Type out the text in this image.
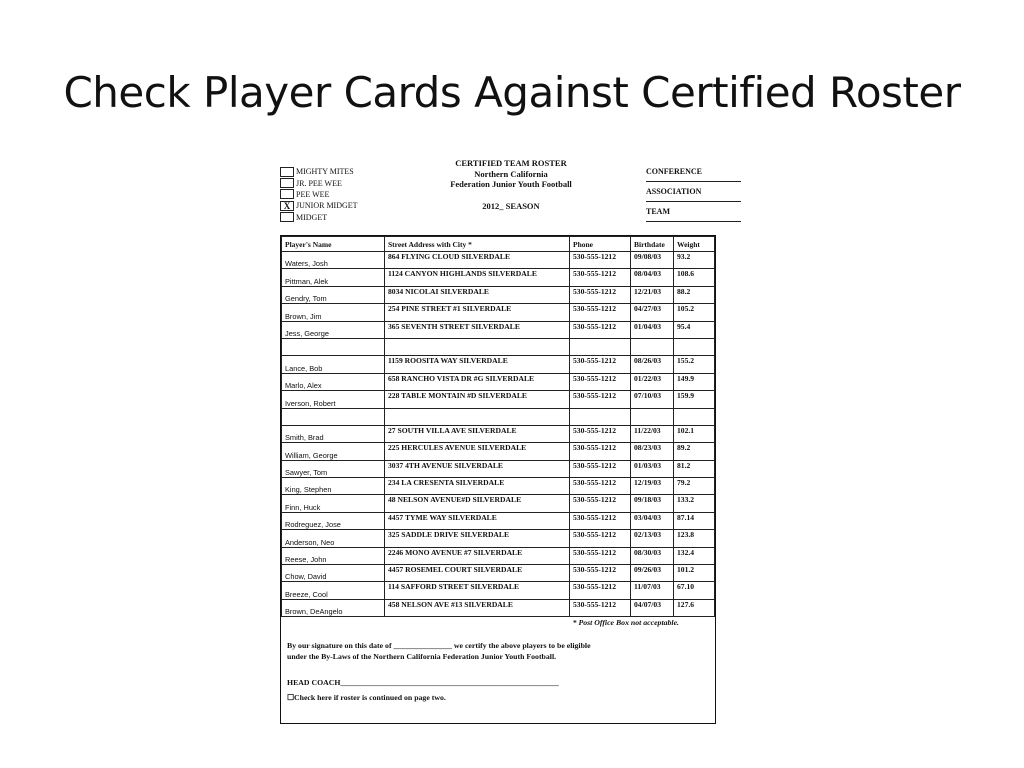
Check Player Cards Against Certified Roster
MIGHTY MITES
JR. PEE WEE
PEE WEE
X JUNIOR MIDGET
MIDGET
CERTIFIED TEAM ROSTER
Northern California
Federation Junior Youth Football
2012_ SEASON
CONFERENCE
ASSOCIATION
TEAM
Player's Name	Street Address with City *	Phone	Birthdate	Weight
Waters, Josh	864 FLYING CLOUD SILVERDALE	530-555-1212	09/08/03	93.2
Pittman, Alek	1124 CANYON HIGHLANDS SILVERDALE	530-555-1212	08/04/03	108.6
Gendry, Tom	8034 NICOLAI SILVERDALE	530-555-1212	12/21/03	88.2
Brown, Jim	254 PINE STREET #1 SILVERDALE	530-555-1212	04/27/03	105.2
Jess, George	365 SEVENTH STREET SILVERDALE	530-555-1212	01/04/03	95.4

Lance, Bob	1159 ROOSITA WAY SILVERDALE	530-555-1212	08/26/03	155.2
Marlo, Alex	658 RANCHO VISTA DR #G SILVERDALE	530-555-1212	01/22/03	149.9
Iverson, Robert	228 TABLE MONTAIN #D SILVERDALE	530-555-1212	07/10/03	159.9

Smith, Brad	27 SOUTH VILLA AVE SILVERDALE	530-555-1212	11/22/03	102.1
William, George	225 HERCULES AVENUE SILVERDALE	530-555-1212	08/23/03	89.2
Sawyer, Tom	3037 4TH AVENUE SILVERDALE	530-555-1212	01/03/03	81.2
King, Stephen	234 LA CRESENTA SILVERDALE	530-555-1212	12/19/03	79.2
Finn, Huck	48 NELSON AVENUE#D SILVERDALE	530-555-1212	09/18/03	133.2
Rodreguez, Jose	4457 TYME WAY SILVERDALE	530-555-1212	03/04/03	87.14
Anderson, Neo	325 SADDLE DRIVE SILVERDALE	530-555-1212	02/13/03	123.8
Reese, John	2246 MONO AVENUE #7 SILVERDALE	530-555-1212	08/30/03	132.4
Chow, David	4457 ROSEMEL COURT SILVERDALE	530-555-1212	09/26/03	101.2
Breeze, Cool	114 SAFFORD STREET SILVERDALE	530-555-1212	11/07/03	67.10
Brown, DeAngelo	458 NELSON AVE #13 SILVERDALE	530-555-1212	04/07/03	127.6
* Post Office Box not acceptable.
By our signature on this date of _______________ we certify the above players to be eligible
under the By-Laws of the Northern California Federation Junior Youth Football.
HEAD COACH________________________________________________________
☐Check here if roster is continued on page two.
